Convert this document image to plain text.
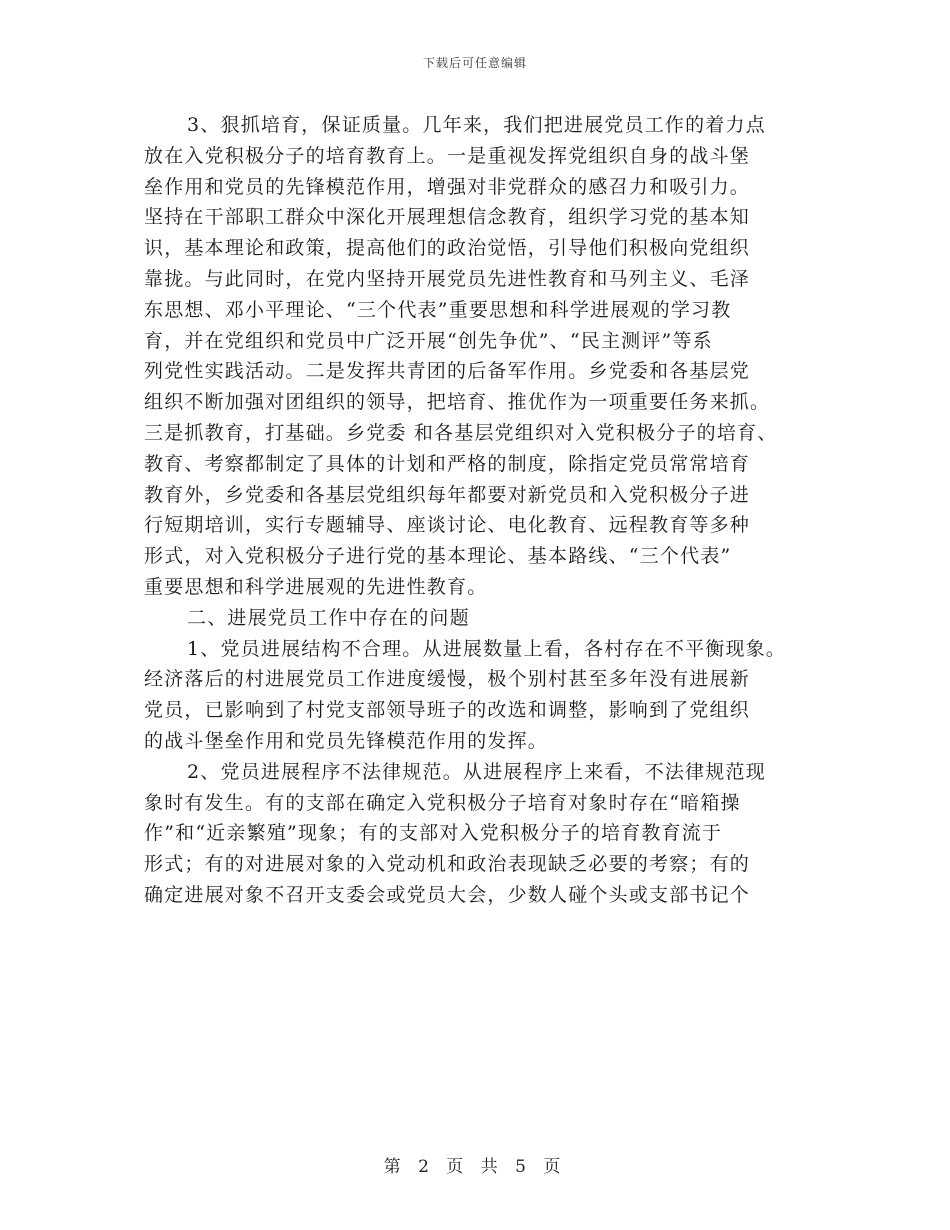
下载后可任意编辑
3、狠抓培育，保证质量。几年来，我们把进展党员工作的着力点
放在入党积极分子的培育教育上。一是重视发挥党组织自身的战斗堡
垒作用和党员的先锋模范作用，增强对非党群众的感召力和吸引力。
坚持在干部职工群众中深化开展理想信念教育，组织学习党的基本知
识，基本理论和政策，提高他们的政治觉悟，引导他们积极向党组织
靠拢。与此同时，在党内坚持开展党员先进性教育和马列主义、毛泽
东思想、邓小平理论、“三个代表”重要思想和科学进展观的学习教
育，并在党组织和党员中广泛开展“创先争优”、“民主测评”等系
列党性实践活动。二是发挥共青团的后备军作用。乡党委和各基层党
组织不断加强对团组织的领导，把培育、推优作为一项重要任务来抓。
三是抓教育，打基础。乡党委 和各基层党组织对入党积极分子的培育、
教育、考察都制定了具体的计划和严格的制度，除指定党员常常培育
教育外，乡党委和各基层党组织每年都要对新党员和入党积极分子进
行短期培训，实行专题辅导、座谈讨论、电化教育、远程教育等多种
形式，对入党积极分子进行党的基本理论、基本路线、“三个代表”
重要思想和科学进展观的先进性教育。
二、进展党员工作中存在的问题
1、党员进展结构不合理。从进展数量上看，各村存在不平衡现象。
经济落后的村进展党员工作进度缓慢，极个别村甚至多年没有进展新
党员，已影响到了村党支部领导班子的改选和调整，影响到了党组织
的战斗堡垒作用和党员先锋模范作用的发挥。
2、党员进展程序不法律规范。从进展程序上来看，不法律规范现
象时有发生。有的支部在确定入党积极分子培育对象时存在“暗箱操
作”和“近亲繁殖”现象；有的支部对入党积极分子的培育教育流于
形式；有的对进展对象的入党动机和政治表现缺乏必要的考察；有的
确定进展对象不召开支委会或党员大会，少数人碰个头或支部书记个
第 2 页 共 5 页
